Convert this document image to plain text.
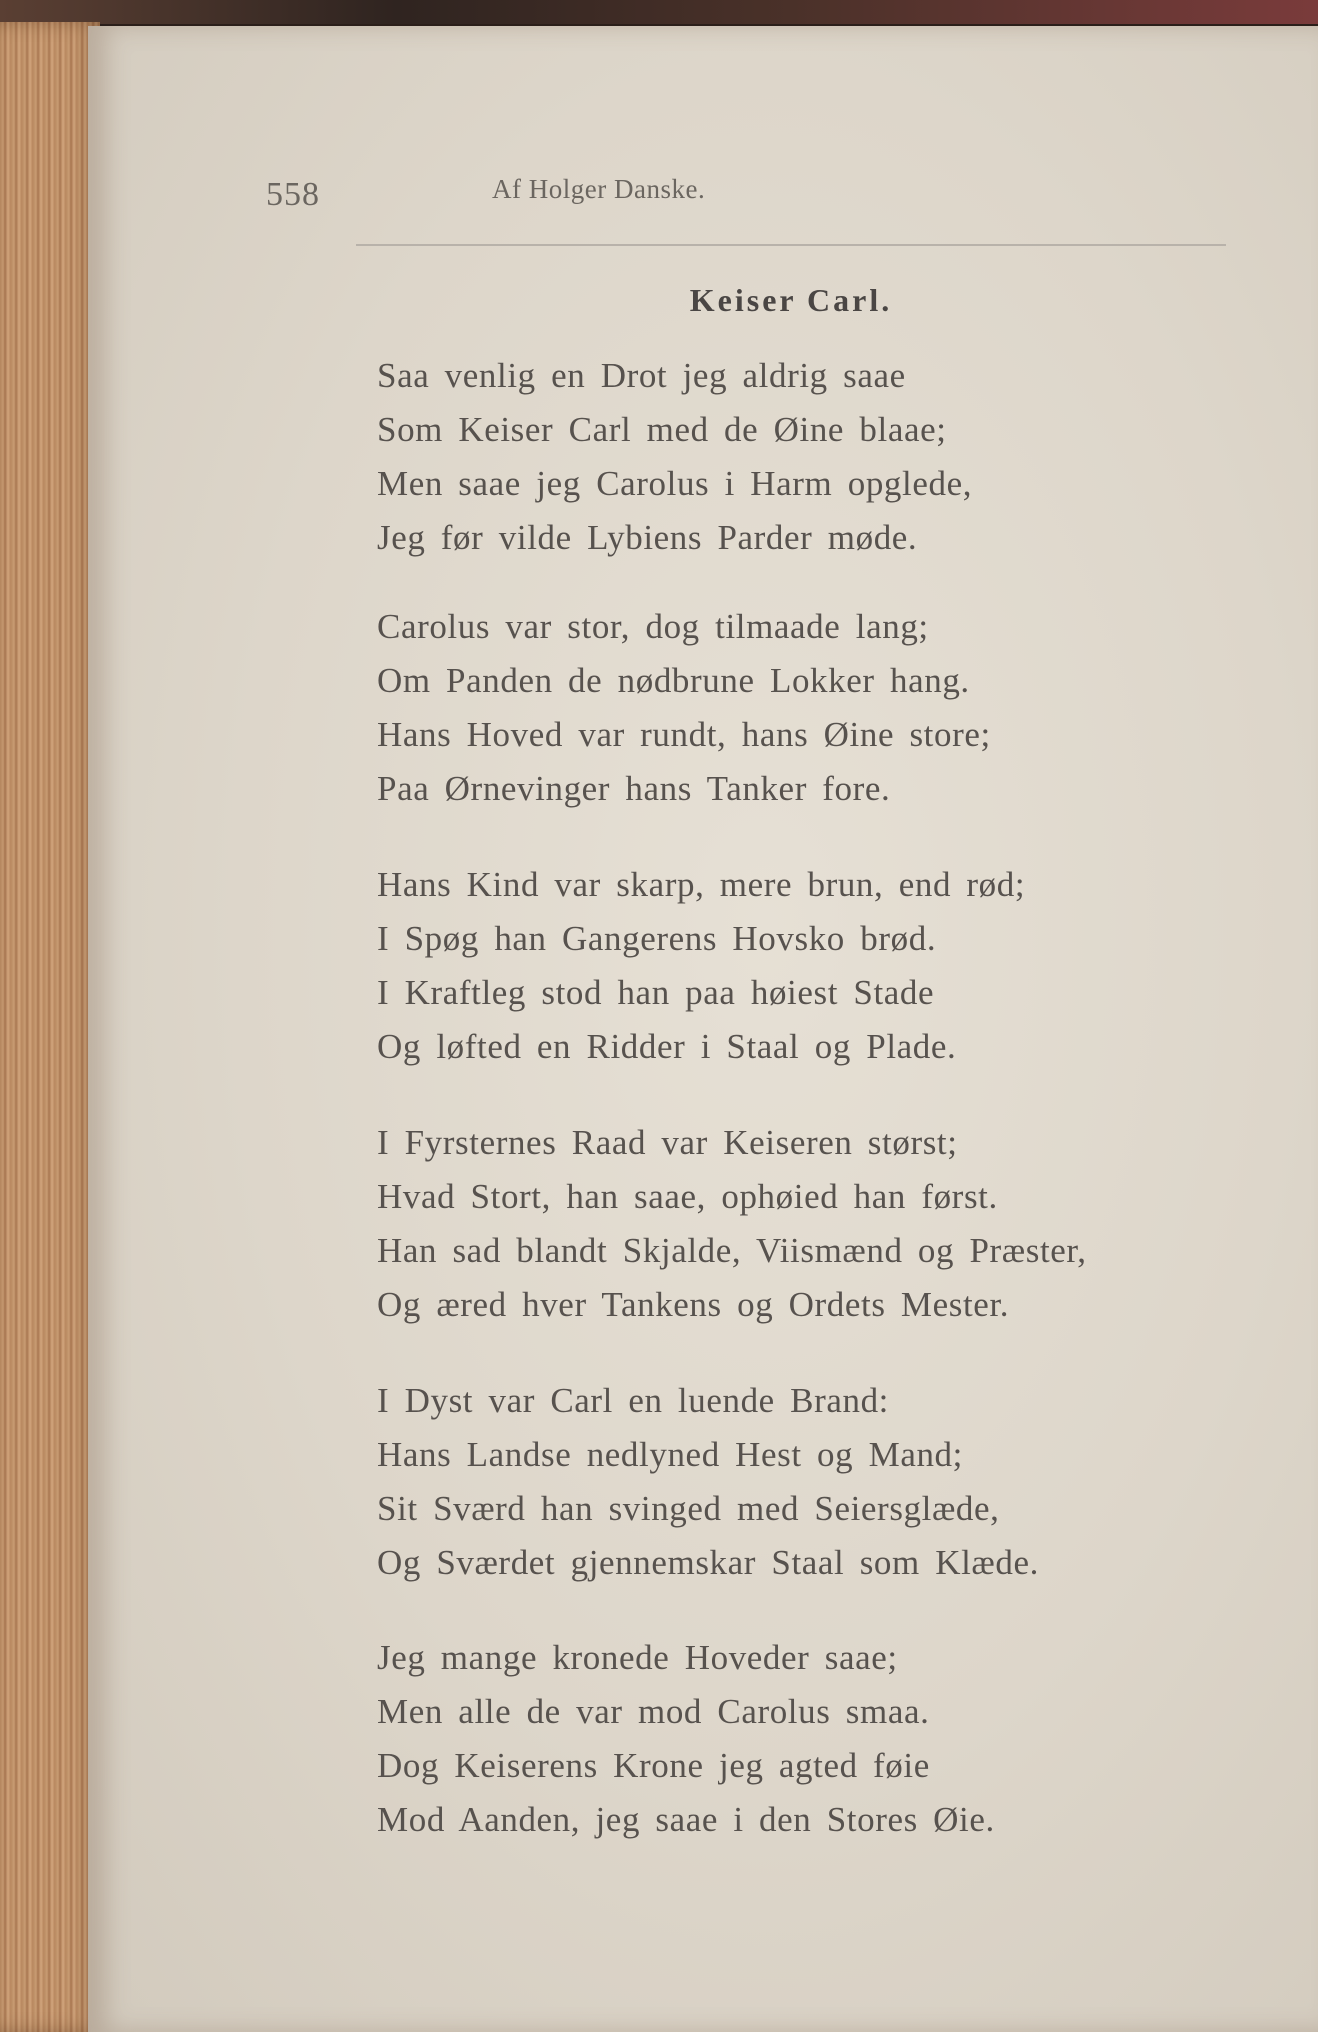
558	Af Holger Danske.
Keiser Carl.
Saa venlig en Drot jeg aldrig saae
Som Keiser Carl med de Øine blaae;
Men saae jeg Carolus i Harm opglede,
Jeg før vilde Lybiens Parder møde.
Carolus var stor, dog tilmaade lang;
Om Panden de nødbrune Lokker hang.
Hans Hoved var rundt, hans Øine store;
Paa Ørnevinger hans Tanker fore.
Hans Kind var skarp, mere brun, end rød;
I Spøg han Gangerens Hovsko brød.
I Kraftleg stod han paa høiest Stade
Og løfted en Ridder i Staal og Plade.
I Fyrsternes Raad var Keiseren størst;
Hvad Stort, han saae, ophøied han først.
Han sad blandt Skjalde, Viismænd og Præster,
Og æred hver Tankens og Ordets Mester.
I Dyst var Carl en luende Brand:
Hans Landse nedlyned Hest og Mand;
Sit Sværd han svinged med Seiersglæde,
Og Sværdet gjennemskar Staal som Klæde.
Jeg mange kronede Hoveder saae;
Men alle de var mod Carolus smaa.
Dog Keiserens Krone jeg agted føie
Mod Aanden, jeg saae i den Stores Øie.
